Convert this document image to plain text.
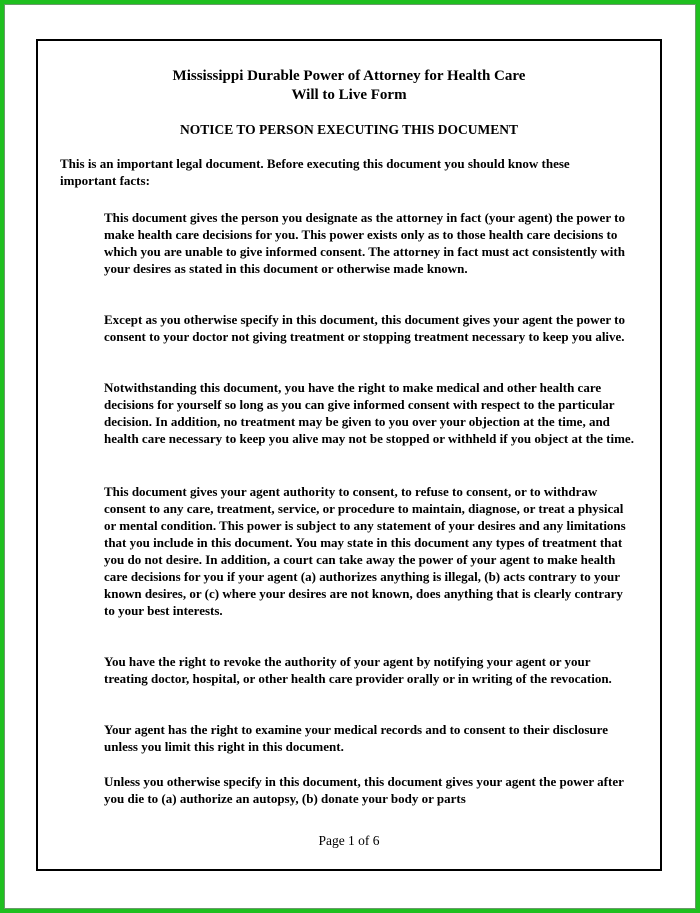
Mississippi Durable Power of Attorney for Health Care
Will to Live Form
NOTICE TO PERSON EXECUTING THIS DOCUMENT
This is an important legal document. Before executing this document you should know these important facts:
This document gives the person you designate as the attorney in fact (your agent) the power to make health care decisions for you. This power exists only as to those health care decisions to which you are unable to give informed consent. The attorney in fact must act consistently with your desires as stated in this document or otherwise made known.
Except as you otherwise specify in this document, this document gives your agent the power to consent to your doctor not giving treatment or stopping treatment necessary to keep you alive.
Notwithstanding this document, you have the right to make medical and other health care decisions for yourself so long as you can give informed consent with respect to the particular decision. In addition, no treatment may be given to you over your objection at the time, and health care necessary to keep you alive may not be stopped or withheld if you object at the time.
This document gives your agent authority to consent, to refuse to consent, or to withdraw consent to any care, treatment, service, or procedure to maintain, diagnose, or treat a physical or mental condition. This power is subject to any statement of your desires and any limitations that you include in this document. You may state in this document any types of treatment that you do not desire. In addition, a court can take away the power of your agent to make health care decisions for you if your agent (a) authorizes anything is illegal, (b) acts contrary to your known desires, or (c) where your desires are not known, does anything that is clearly contrary to your best interests.
You have the right to revoke the authority of your agent by notifying your agent or your treating doctor, hospital, or other health care provider orally or in writing of the revocation.
Your agent has the right to examine your medical records and to consent to their disclosure unless you limit this right in this document.
Unless you otherwise specify in this document, this document gives your agent the power after you die to (a) authorize an autopsy, (b) donate your body or parts
Page 1 of 6
